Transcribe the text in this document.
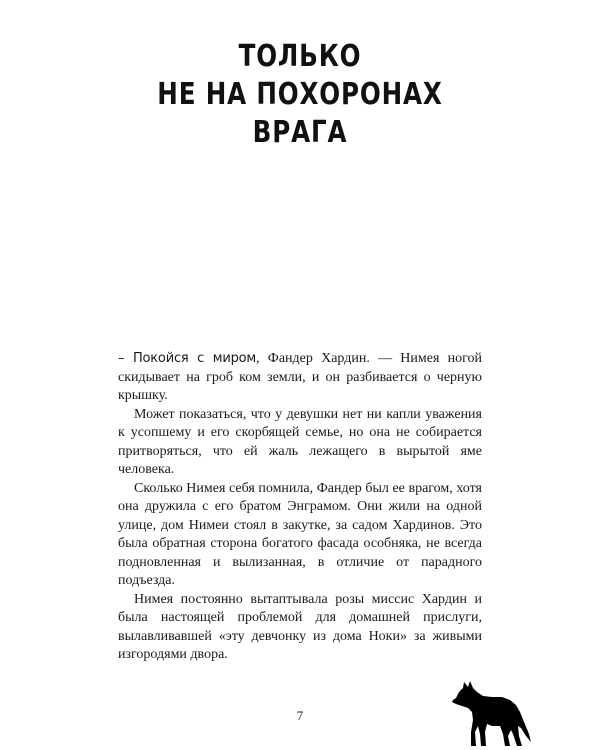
ТОЛЬКО
НЕ НА ПОХОРОНАХ
ВРАГА

– Покойся с миром, Фандер Хардин. — Нимея ногой скидывает на гроб ком земли, и он разбивается о черную крышку.

Может показаться, что у девушки нет ни капли уважения к усопшему и его скорбящей семье, но она не собирается притворяться, что ей жаль лежащего в вырытой яме человека.

Сколько Нимея себя помнила, Фандер был ее врагом, хотя она дружила с его братом Энграмом. Они жили на одной улице, дом Нимеи стоял в закутке, за садом Хардинов. Это была обратная сторона богатого фасада особняка, не всегда подновленная и вылизанная, в отличие от парадного подъезда.

Нимея постоянно вытаптывала розы миссис Хардин и была настоящей проблемой для домашней прислуги, вылавливавшей «эту девчонку из дома Ноки» за живыми изгородями двора.

7
